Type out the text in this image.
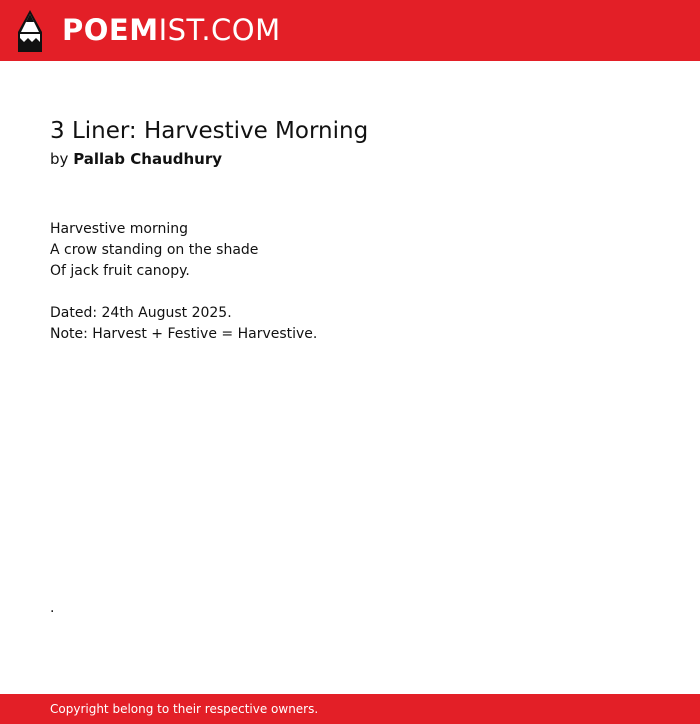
POEMIST.COM
3 Liner: Harvestive Morning
by Pallab Chaudhury
Harvestive morning
A crow standing on the shade
Of jack fruit canopy.
Dated: 24th August 2025.
Note: Harvest + Festive = Harvestive.
.
Copyright belong to their respective owners.
